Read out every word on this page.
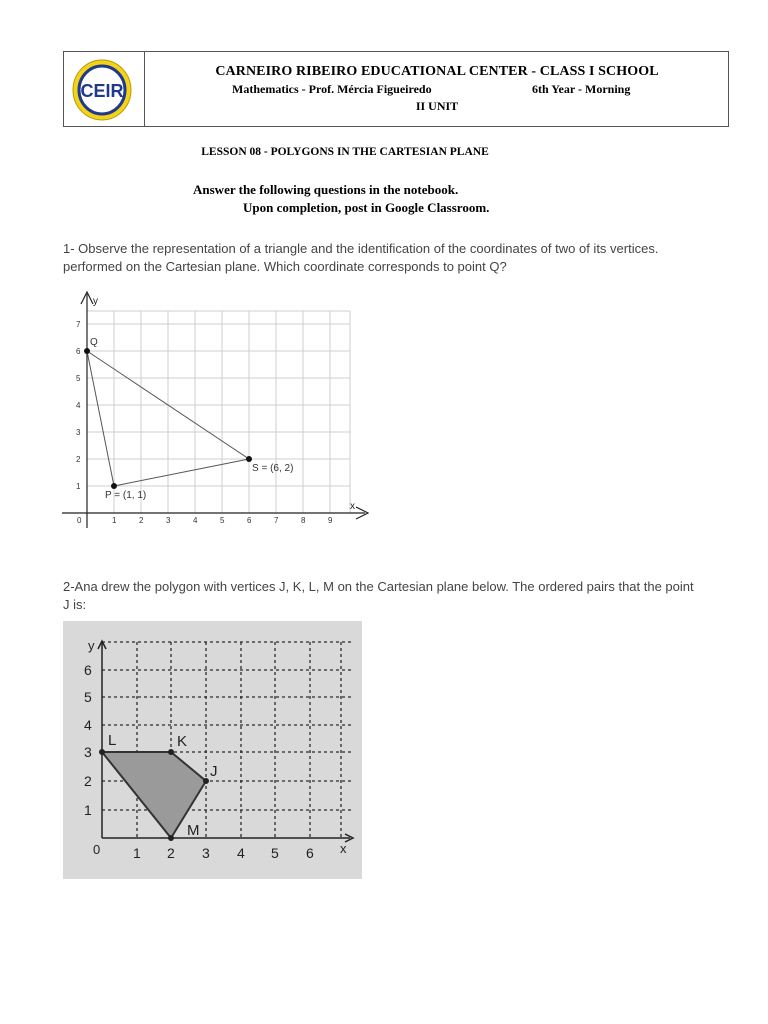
CEIR
CARNEIRO RIBEIRO EDUCATIONAL CENTER - CLASS I SCHOOL
Mathematics - Prof. Mércia Figueiredo	6th Year - Morning
II UNIT
LESSON 08 - POLYGONS IN THE CARTESIAN PLANE
Answer the following questions in the notebook.
Upon completion, post in Google Classroom.
1- Observe the representation of a triangle and the identification of the coordinates of two of its vertices. performed on the Cartesian plane. Which coordinate corresponds to point Q?
x
y
0	1	2	3	4	5	6	7	8	9
1
2
3
4
5
6
7
Q
S = (6, 2)
P = (1, 1)
2-Ana drew the polygon with vertices J, K, L, M on the Cartesian plane below. The ordered pairs that the point J is:
y
x
0
1
2
3
4
5
6
1 2 3 4 5 6
L	K
J
M
